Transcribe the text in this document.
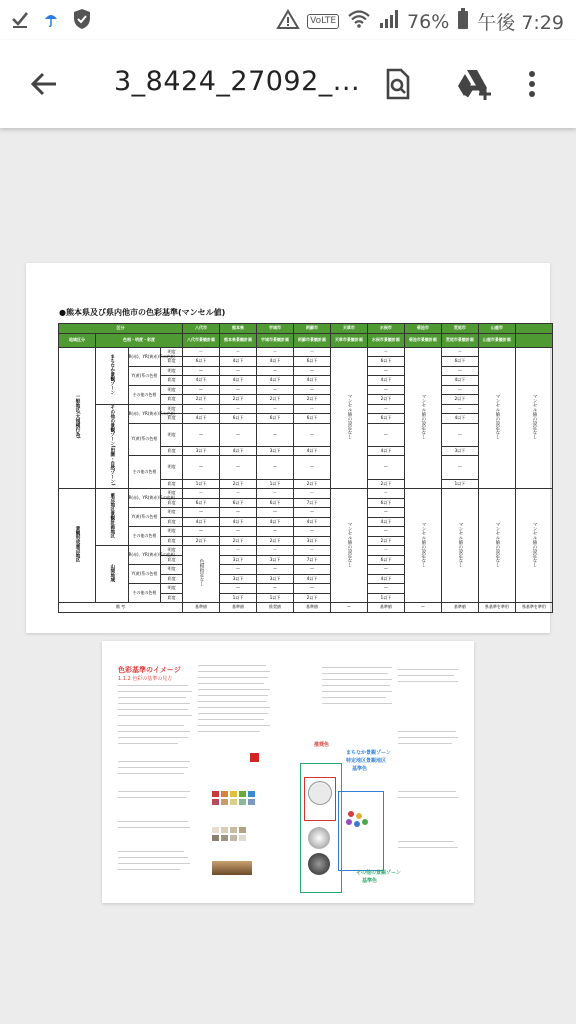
VoLTE	76% 午後 7:29
3_8424_27092_...
●熊本県及び県内他市の色彩基準(マンセル値)
区分				八代市	熊本県	宇城市	阿蘇市	天草市	水俣市	菊池市	荒尾市	山鹿市	
地域区分	色相・明度・彩度			八代市景観計画	熊本県景観計画	宇城市景観計画	阿蘇市景観計画	天草市景観計画	水俣市景観計画	菊池市景観計画	荒尾市景観計画	山鹿市景観計画	
一般地区(大規模行為)	まちなか景観ゾーン	R(赤)、YR(黄赤)系の色相	明度	ー	ー	ー	ー	マンセル値の設定なし	ー	マンセル値の設定なし	ー	マンセル値の設定なし	マンセル値の設定なし
			彩度	6以下	4以下	4以下	6以下		6以下		6以下		
		Y(黄)系の色相	明度	—	—	—	—		—		—		
			彩度	4以下	4以下	4以下	4以下		4以下		4以下		
		その他の色相	明度	—	—	—	—		—		—		
			彩度	2以下	2以下	2以下	2以下		2以下		2以下		
	その他の景観ゾーン(田園・自然ゾーン)	R(赤)、YR(黄赤)系の色相	明度	ー	ー	ー	ー		ー		ー		
			彩度	4以下	6以下	6以下	6以下		6以下		4以下		
		Y(黄)系の色相	明度	—	—	—	—		—		—		
			彩度	3以下	4以下	3以下	4以下		4以下		3以下		
		その他の色相	明度	—	—	—	—		—		—		
			彩度	1以下	2以下	1以下	2以下		2以下		1以下		
景観形成重点地区	重点地区景観計画地区	R(赤)、YR(黄赤)系の色相	明度	ー	ー	ー	ー	マンセル値の設定なし	ー	マンセル値の設定なし	マンセル値の設定なし	マンセル値の設定なし	マンセル値の設定なし
			彩度	6以下	6以下	6以下	7以下		6以下				
		Y(黄)系の色相	明度	—	—	—	—		—				
			彩度	4以下	4以下	4以下	4以下		4以下				
		その他の色相	明度	—	—	—	—		—				
			彩度	2以下	2以下	2以下	3以下		2以下				
	山間地域	R(赤)、YR(黄赤)系の色相	明度	色相指定なし	ー	ー	ー		ー				
			彩度		3以下	3以下	7以下		6以下				
		Y(黄)系の色相	明度		—	—	—		—				
			彩度		3以下	3以下	4以下		4以下				
		その他の色相	明度		—	—	—		—				
			彩度		1以下	1以下	2以下		1以下				
備 考				基準値	基準値	推奨値	基準値	—	基準値	—	基準値	県基準を準用	県基準を準用
色彩基準のイメージ
1.1.2 色彩の基準の見方
推奨色
まちなか景観ゾーン
特定地区景観地区
基準色
その他の景観ゾーン
基準色
